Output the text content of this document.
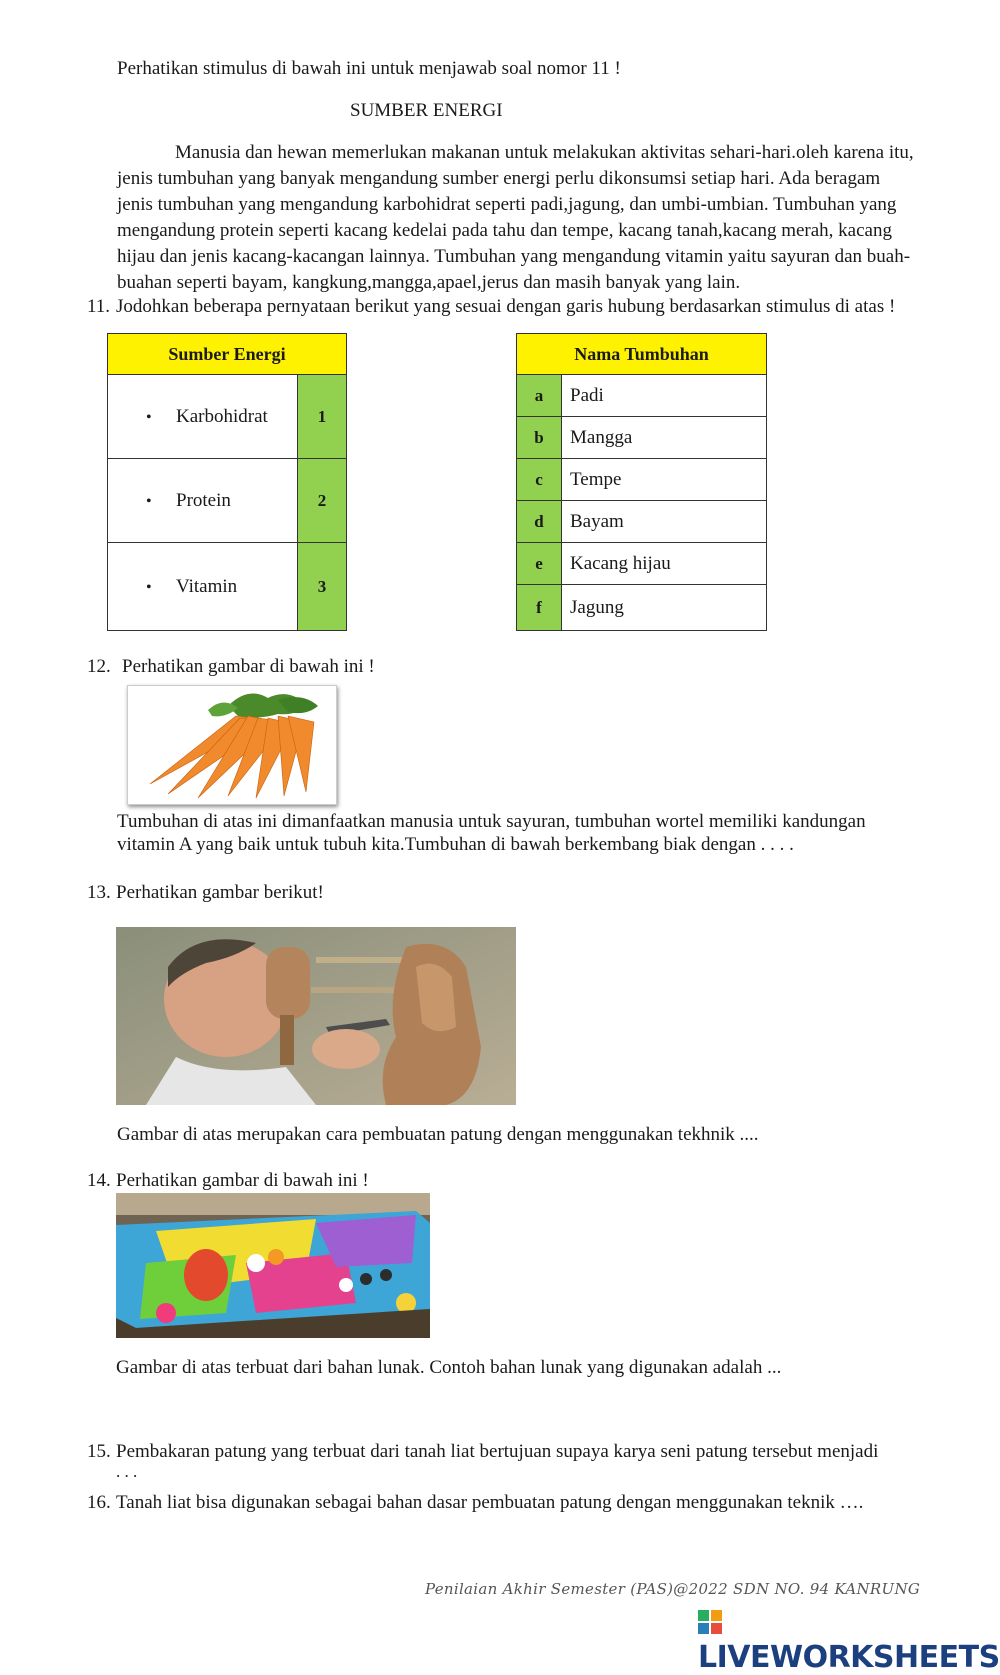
Perhatikan stimulus di bawah ini untuk menjawab soal nomor 11 !
SUMBER ENERGI

Manusia dan hewan memerlukan makanan untuk melakukan aktivitas sehari-hari.oleh karena itu,

jenis tumbuhan yang banyak mengandung sumber energi perlu dikonsumsi setiap hari. Ada beragam

jenis tumbuhan yang mengandung karbohidrat seperti padi,jagung, dan umbi-umbian. Tumbuhan yang

mengandung protein seperti kacang kedelai pada tahu dan tempe, kacang tanah,kacang merah, kacang

hijau dan jenis kacang-kacangan lainnya. Tumbuhan yang mengandung vitamin yaitu sayuran dan buah-

buahan seperti bayam, kangkung,mangga,apael,jerus dan masih banyak yang lain.

11. Jodohkan beberapa pernyataan berikut yang sesuai dengan garis hubung berdasarkan stimulus di atas !
Sumber Energi	
• Karbohidrat	1
• Protein	2
• Vitamin	3
Nama Tumbuhan	
a	Padi
b	Mangga
c	Tempe
d	Bayam
e	Kacang hijau
f	Jagung
12. Perhatikan gambar di bawah ini !
Tumbuhan di atas ini dimanfaatkan manusia untuk sayuran, tumbuhan wortel memiliki kandungan
vitamin A yang baik untuk tubuh kita.Tumbuhan di bawah berkembang biak dengan . . . .
13. Perhatikan gambar berikut!
Gambar di atas merupakan cara pembuatan patung dengan menggunakan tekhnik ....
14. Perhatikan gambar di bawah ini !
Gambar di atas terbuat dari bahan lunak. Contoh bahan lunak yang digunakan adalah ...
15. Pembakaran patung yang terbuat dari tanah liat bertujuan supaya karya seni patung tersebut menjadi
. . .
16. Tanah liat bisa digunakan sebagai bahan dasar pembuatan patung dengan menggunakan teknik ….
Penilaian Akhir Semester (PAS)@2022 SDN NO. 94 KANRUNG
LIVEWORKSHEETS
